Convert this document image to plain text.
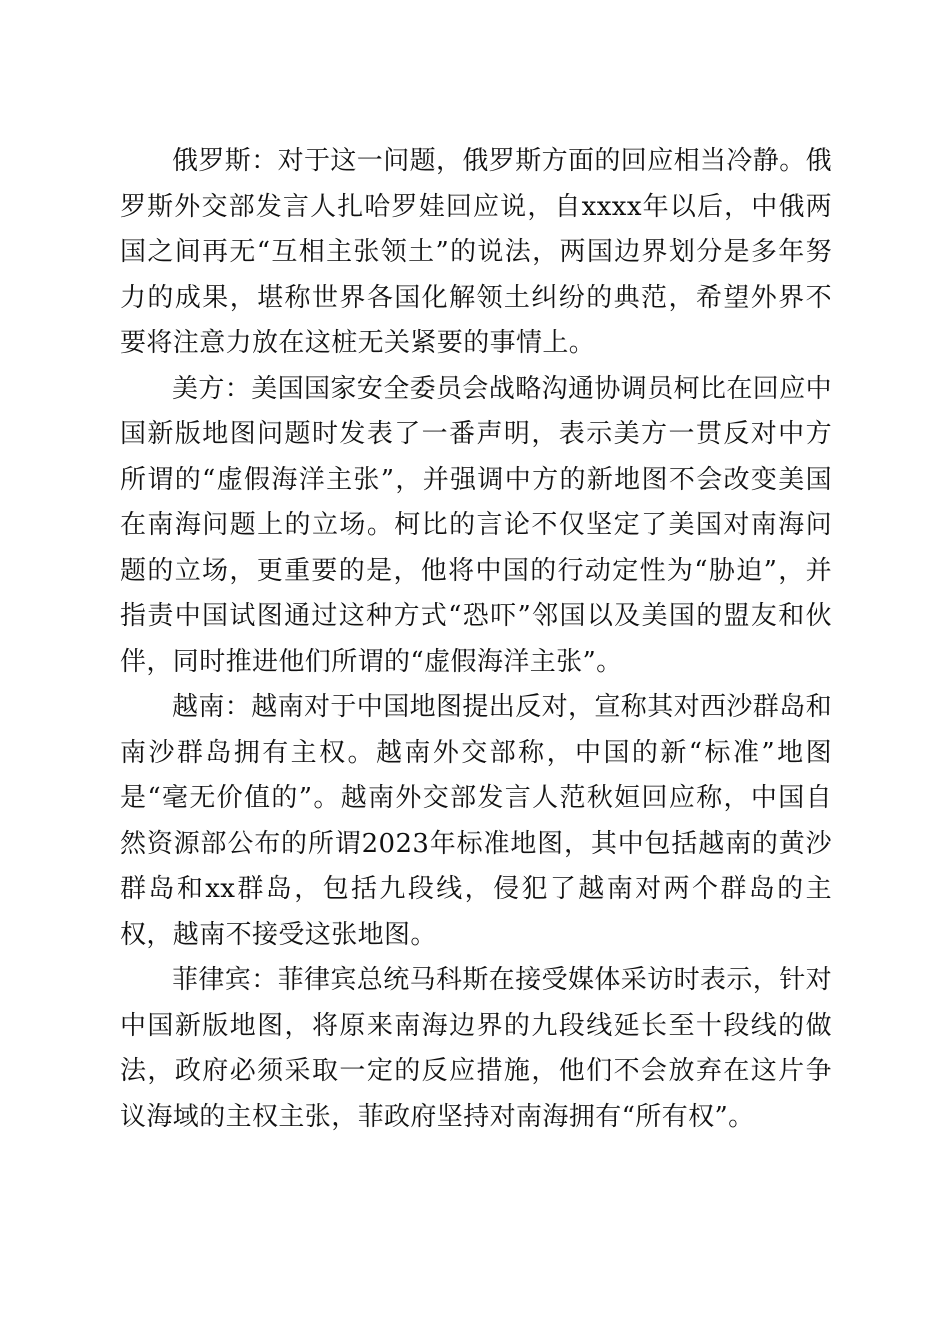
俄罗斯：对于这一问题，俄罗斯方面的回应相当冷静。俄罗斯外交部发言人扎哈罗娃回应说，自xxxx年以后，中俄两国之间再无“互相主张领土”的说法，两国边界划分是多年努力的成果，堪称世界各国化解领土纠纷的典范，希望外界不要将注意力放在这桩无关紧要的事情上。

美方：美国国家安全委员会战略沟通协调员柯比在回应中国新版地图问题时发表了一番声明，表示美方一贯反对中方所谓的“虚假海洋主张”，并强调中方的新地图不会改变美国在南海问题上的立场。柯比的言论不仅坚定了美国对南海问题的立场，更重要的是，他将中国的行动定性为“胁迫”，并指责中国试图通过这种方式“恐吓”邻国以及美国的盟友和伙伴，同时推进他们所谓的“虚假海洋主张”。

越南：越南对于中国地图提出反对，宣称其对西沙群岛和南沙群岛拥有主权。越南外交部称，中国的新“标准”地图是“毫无价值的”。越南外交部发言人范秋姮回应称，中国自然资源部公布的所谓2023年标准地图，其中包括越南的黄沙群岛和xx群岛，包括九段线，侵犯了越南对两个群岛的主权，越南不接受这张地图。

菲律宾：菲律宾总统马科斯在接受媒体采访时表示，针对中国新版地图，将原来南海边界的九段线延长至十段线的做法，政府必须采取一定的反应措施，他们不会放弃在这片争议海域的主权主张，菲政府坚持对南海拥有“所有权”。
